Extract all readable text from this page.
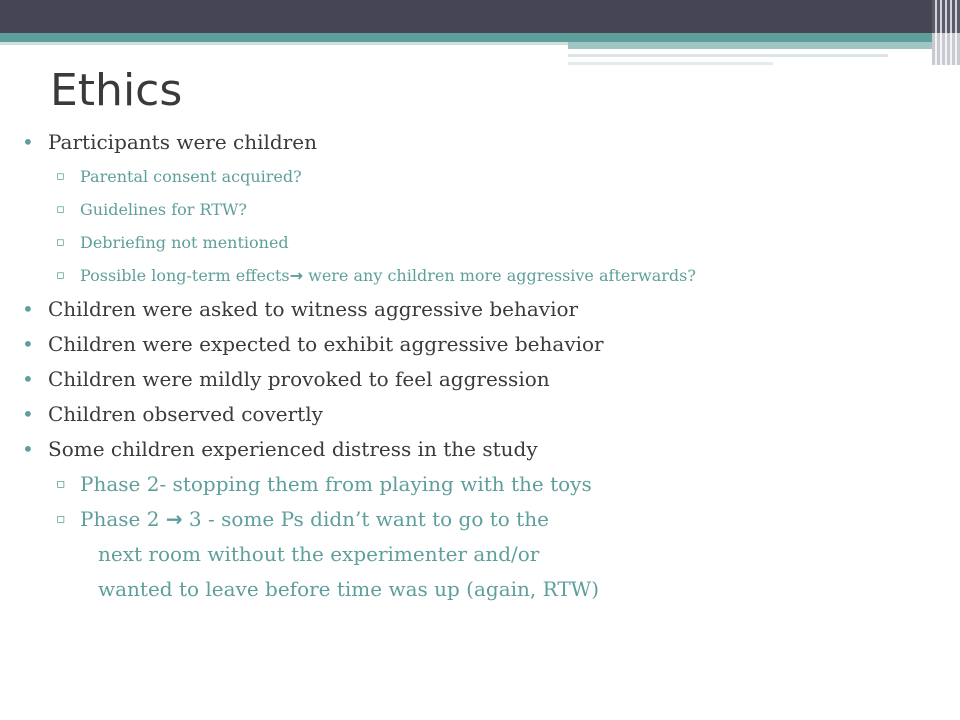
Ethics
• Participants were children
▫ Parental consent acquired?
▫ Guidelines for RTW?
▫ Debriefing not mentioned
▫ Possible long-term effects→ were any children more aggressive afterwards?
• Children were asked to witness aggressive behavior
• Children were expected to exhibit aggressive behavior
• Children were mildly provoked to feel aggression
• Children observed covertly
• Some children experienced distress in the study
▫ Phase 2- stopping them from playing with the toys
▫ Phase 2 → 3 - some Ps didn’t want to go to the
next room without the experimenter and/or
wanted to leave before time was up (again, RTW)
